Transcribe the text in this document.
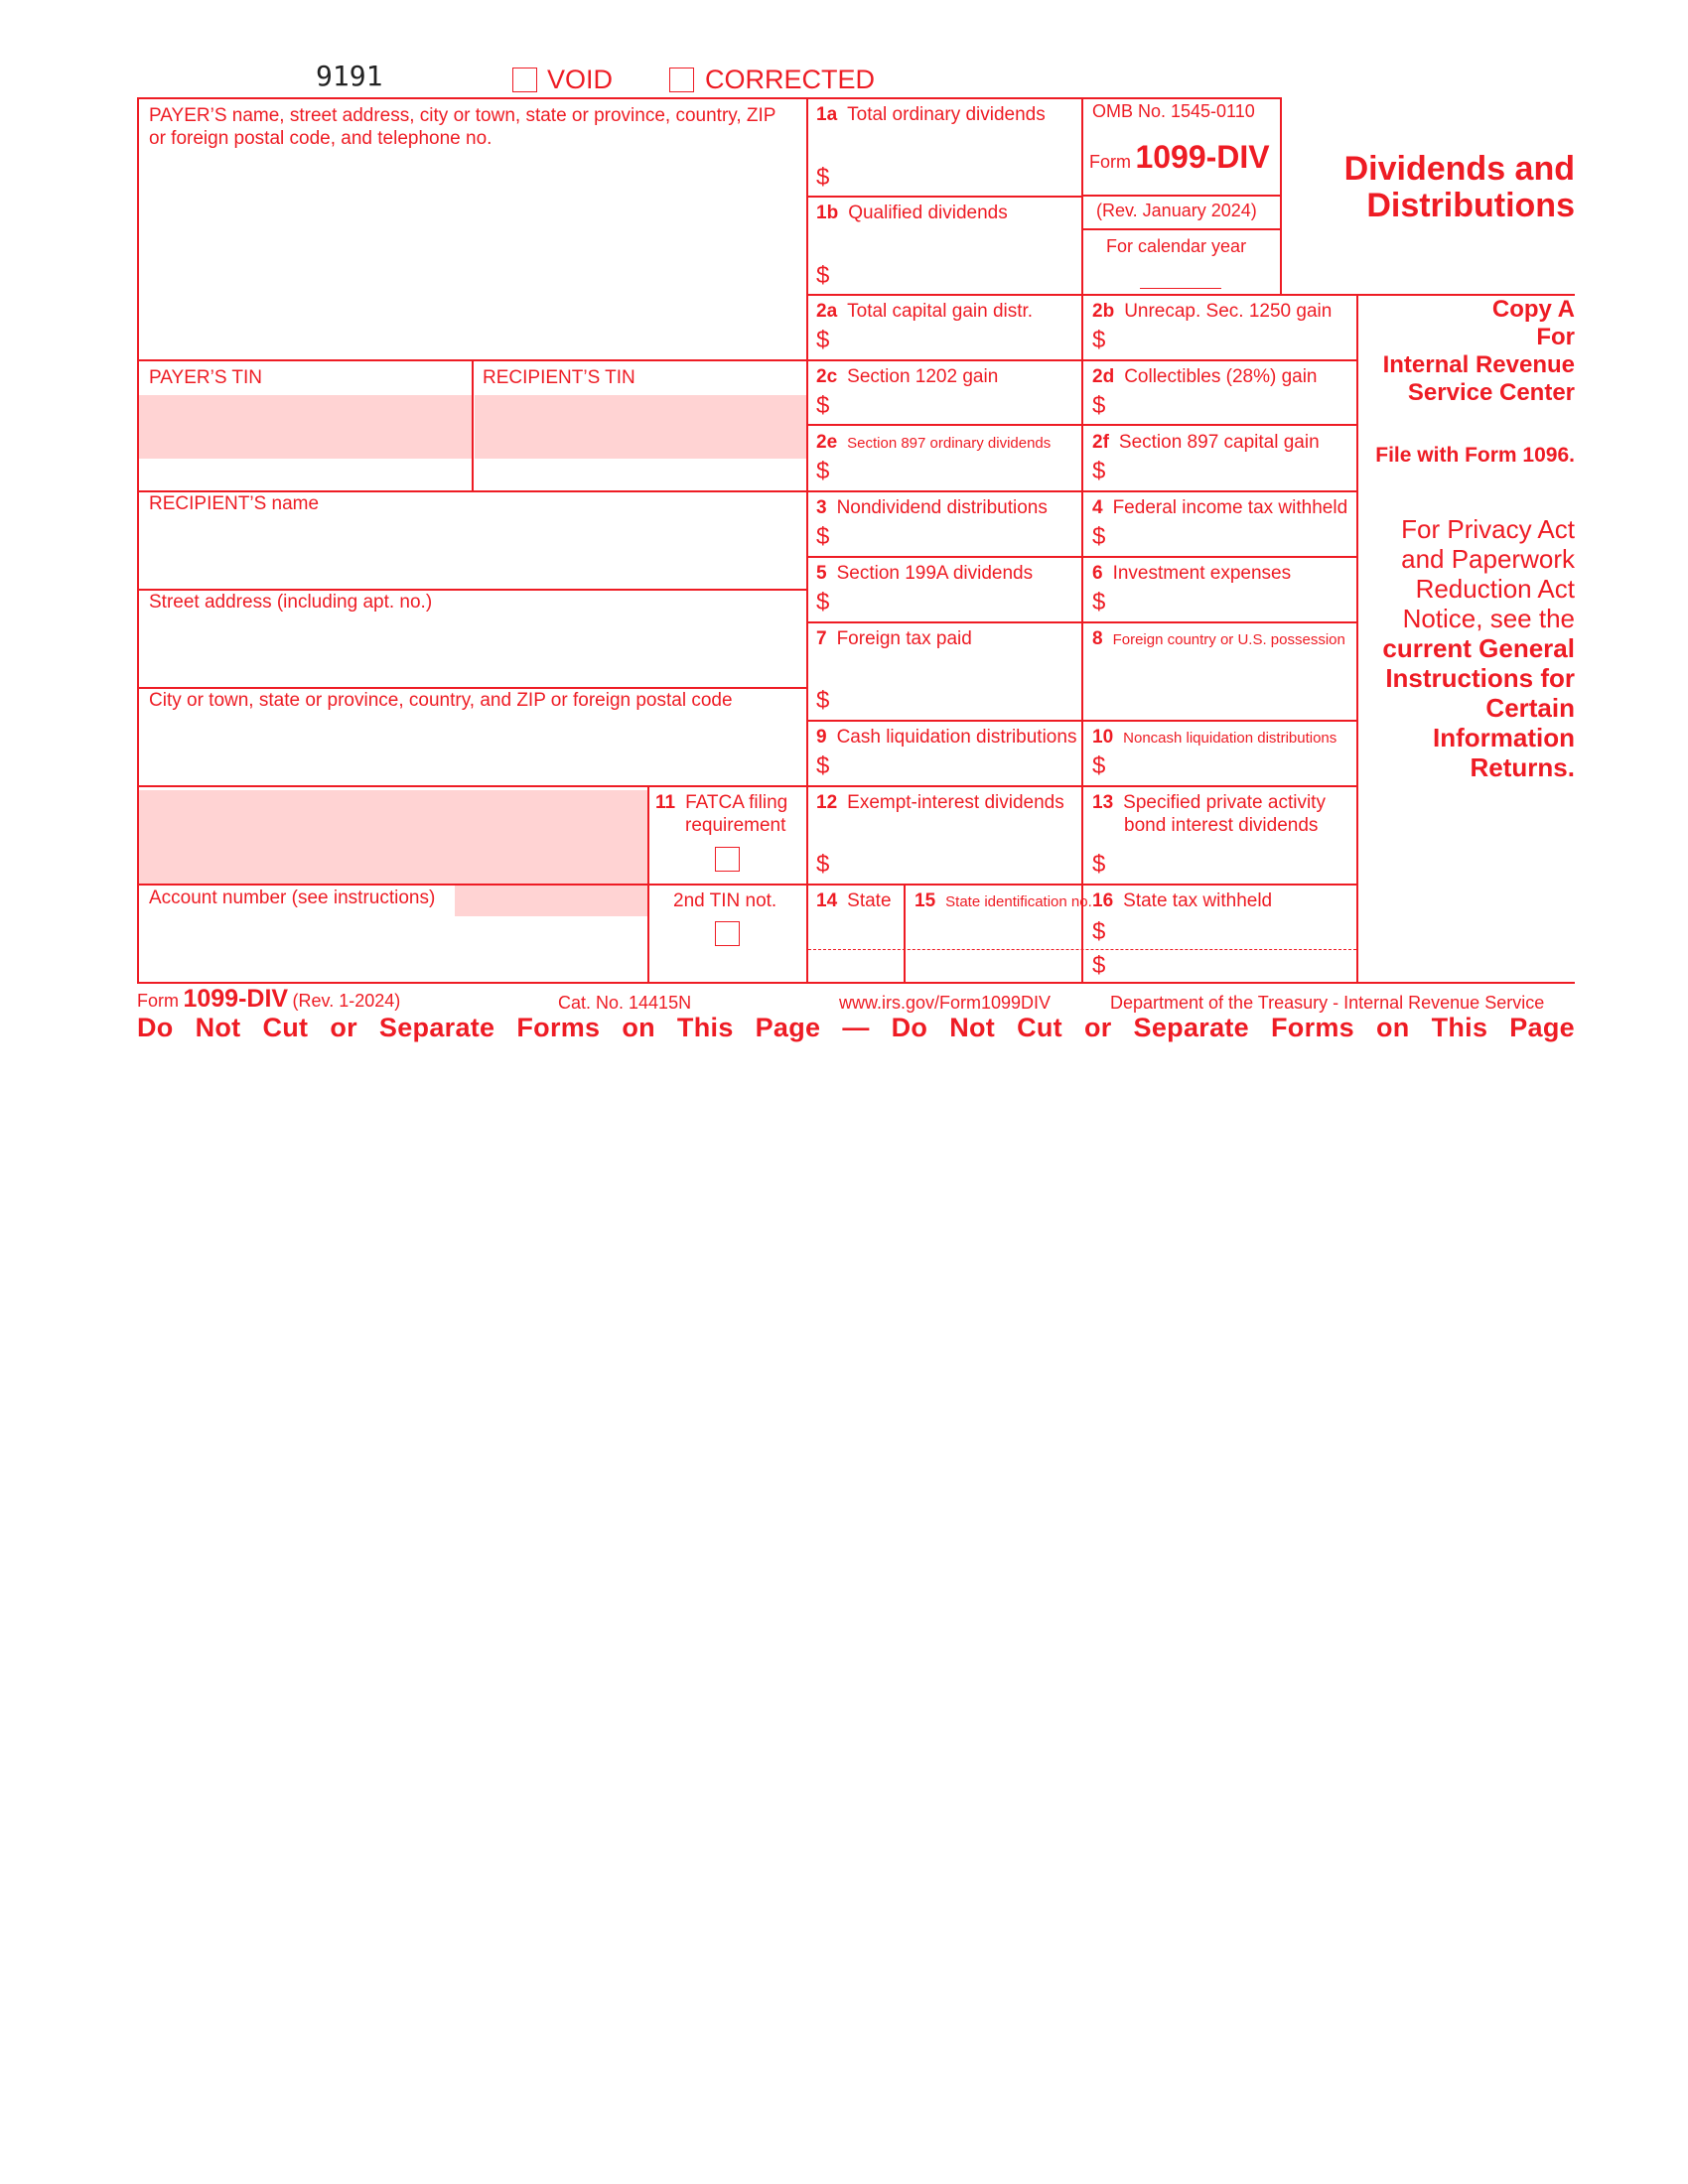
9191	VOID	CORRECTED
PAYER’S name, street address, city or town, state or province, country, ZIP
or foreign postal code, and telephone no.
PAYER’S TIN	RECIPIENT’S TIN
RECIPIENT’S name
Street address (including apt. no.)
City or town, state or province, country, and ZIP or foreign postal code
11 FATCA filing
requirement
Account number (see instructions)	2nd TIN not.
1a Total ordinary dividends
$
1b Qualified dividends
$
2a Total capital gain distr.
$
2b Unrecap. Sec. 1250 gain
$
2c Section 1202 gain
$
2d Collectibles (28%) gain
$
2e Section 897 ordinary dividends
$
2f Section 897 capital gain
$
3 Nondividend distributions
$
4 Federal income tax withheld
$
5 Section 199A dividends
$
6 Investment expenses
$
7 Foreign tax paid
$
8 Foreign country or U.S. possession
9 Cash liquidation distributions
$
10 Noncash liquidation distributions
$
12 Exempt-interest dividends
$
13 Specified private activity
bond interest dividends
$
14 State 15 State identification no. 16 State tax withheld
$
$
OMB No. 1545-0110
Form 1099-DIV
(Rev. January 2024)
For calendar year
Dividends and
Distributions
Copy A
For
Internal Revenue
Service Center
File with Form 1096.
For Privacy Act
and Paperwork
Reduction Act
Notice, see the
current General
Instructions for
Certain
Information
Returns.
Form 1099-DIV (Rev. 1-2024)	Cat. No. 14415N	www.irs.gov/Form1099DIV	Department of the Treasury - Internal Revenue Service
Do Not Cut or Separate Forms on This Page — Do Not Cut or Separate Forms on This Page
